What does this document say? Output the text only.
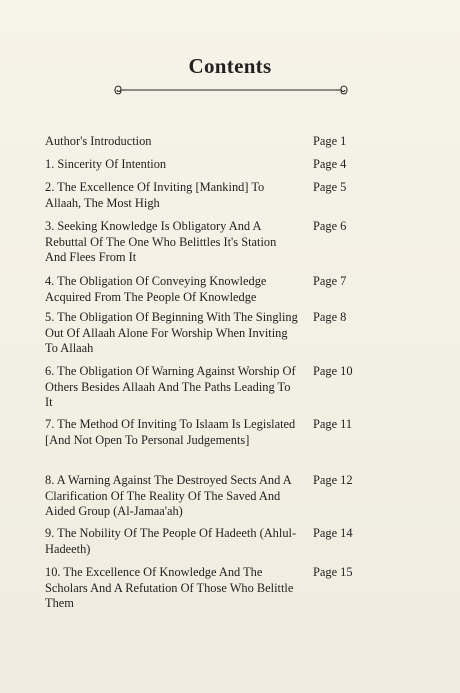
Contents
Author's Introduction	Page 1
1. Sincerity Of Intention	Page 4
2. The Excellence Of Inviting [Mankind] To Allaah, The Most High
Page 5
3. Seeking Knowledge Is Obligatory And A Rebuttal Of The One Who Belittles It's Station And Flees From It
Page 6
4. The Obligation Of Conveying Knowledge Acquired From The People Of Knowledge
Page 7
5. The Obligation Of Beginning With The Singling Out Of Allaah Alone For Worship When Inviting To Allaah
Page 8
6. The Obligation Of Warning Against Worship Of Others Besides Allaah And The Paths Leading To It
Page 10
7. The Method Of Inviting To Islaam Is Legislated [And Not Open To Personal Judgements]
Page 11
8. A Warning Against The Destroyed Sects And A Clarification Of The Reality Of The Saved And Aided Group (Al-Jamaa'ah)
Page 12
9. The Nobility Of The People Of Hadeeth (Ahlul-Hadeeth)
Page 14
10. The Excellence Of Knowledge And The Scholars And A Refutation Of Those Who Belittle Them
Page 15
